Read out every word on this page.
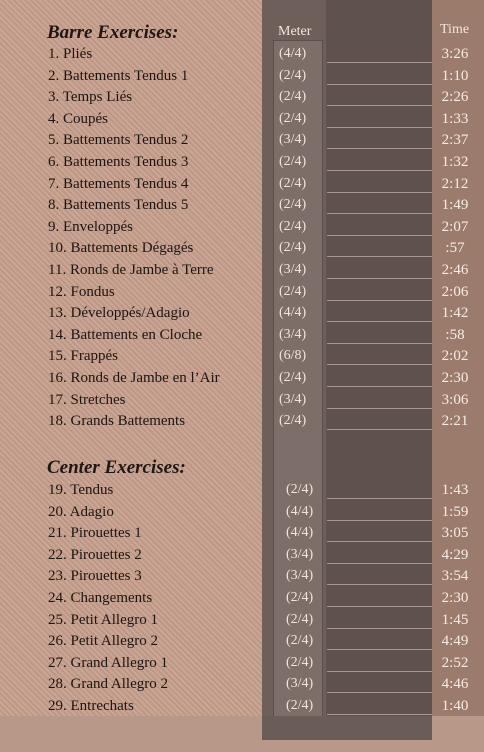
Barre Exercises:	Meter	Time
1. Pliés	(4/4)	3:26
2. Battements Tendus 1	(2/4)	1:10
3. Temps Liés	(2/4)	2:26
4. Coupés	(2/4)	1:33
5. Battements Tendus 2	(3/4)	2:37
6. Battements Tendus 3	(2/4)	1:32
7. Battements Tendus 4	(2/4)	2:12
8. Battements Tendus 5	(2/4)	1:49
9. Enveloppés	(2/4)	2:07
10. Battements Dégagés	(2/4)	:57
11. Ronds de Jambe à Terre	(3/4)	2:46
12. Fondus	(2/4)	2:06
13. Développés/Adagio	(4/4)	1:42
14. Battements en Cloche	(3/4)	:58
15. Frappés	(6/8)	2:02
16. Ronds de Jambe en l’Air	(2/4)	2:30
17. Stretches	(3/4)	3:06
18. Grands Battements	(2/4)	2:21
Center Exercises:
19. Tendus	(2/4)	1:43
20. Adagio	(4/4)	1:59
21. Pirouettes 1	(4/4)	3:05
22. Pirouettes 2	(3/4)	4:29
23. Pirouettes 3	(3/4)	3:54
24. Changements	(2/4)	2:30
25. Petit Allegro 1	(2/4)	1:45
26. Petit Allegro 2	(2/4)	4:49
27. Grand Allegro 1	(2/4)	2:52
28. Grand Allegro 2	(3/4)	4:46
29. Entrechats	(2/4)	1:40
